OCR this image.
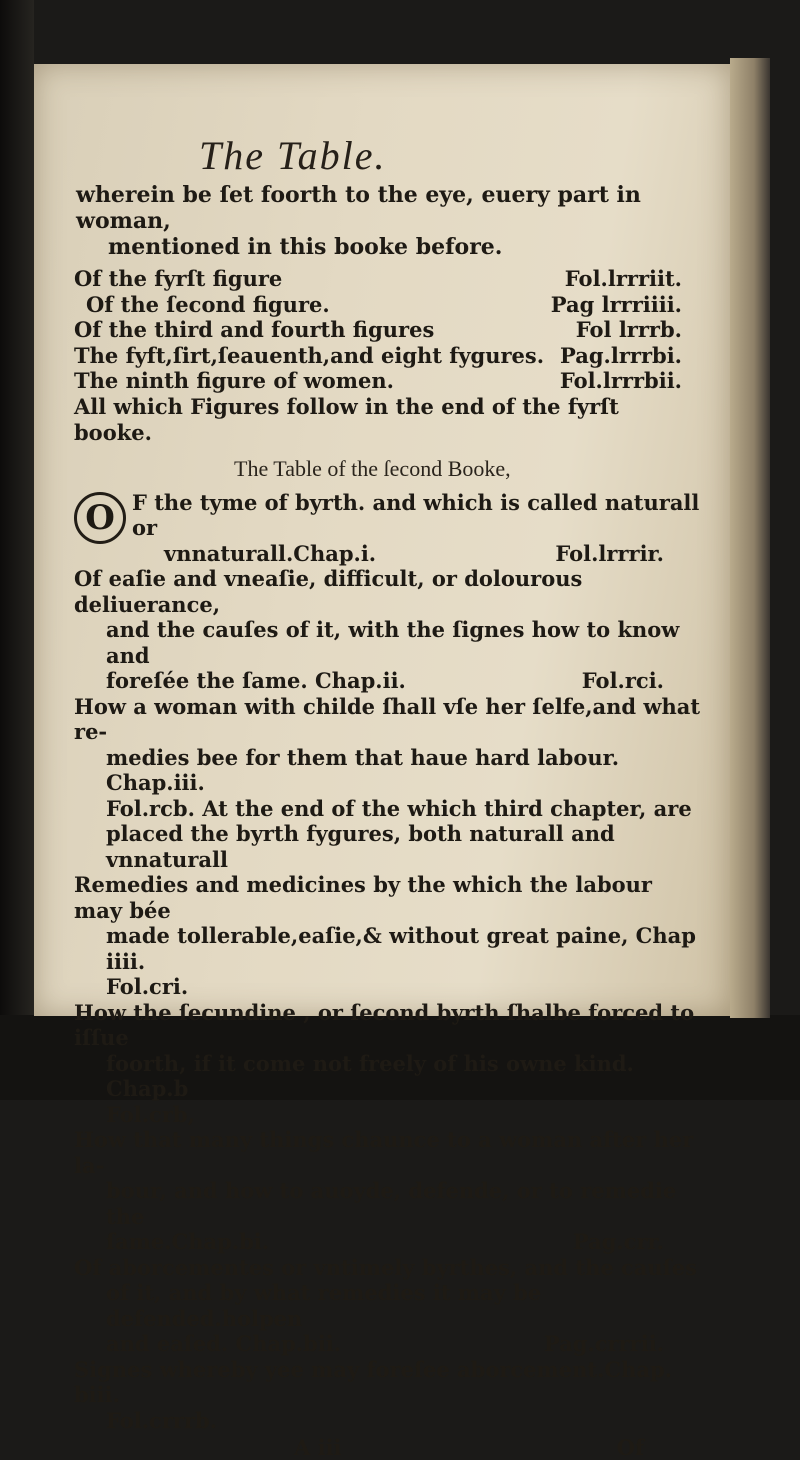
The Table.
wherein be ſet foorth to the eye, euery part in woman,
mentioned in this booke before.
Of the fyrſt figure	Fol.lrrriit.
Of the ſecond figure.	Pag lrrriiii.
Of the third and fourth figures	Fol lrrrb.
The fyft,ſirt,ſeauenth,and eight fygures. Pag.lrrrbi.
The ninth figure of women.	Fol.lrrrbii.
All which Figures follow in the end of the fyrſt booke.
The Table of the ſecond Booke,
O F the tyme of byrth. and which is called naturall or
vnnaturall.Chap.i.	Fol.lrrrir.
Of eaſie and vneaſie, difficult, or dolourous deliuerance,
and the cauſes of it, with the ſignes how to know and
foreſée the ſame. Chap.ii.	Fol.rci.
How a woman with childe ſhall vſe her ſelfe,and what re-
medies bee for them that haue hard labour. Chap.iii.
Fol.rcb. At the end of the which third chapter, are
placed the byrth fygures, both naturall and vnnaturall
Remedies and medicines by the which the labour may bée
made tollerable,eaſie,& without great paine, Chap iiii.
Fol.cri.
How the ſecundine , or ſecond byrth ſhalbe forced to iſſue
foorth, if it come not freely of his owne kind. Chap.b
Fol.crb,
How that many things chaunce to a woman after her la-
bour, and how to auoyde, defende, or to remedie the
ſame.Chap.bi.	Pag.crr.
Of aborcementes or vntimely byrthes, and the cauſes
of it, and by what remedies it may be defended.holpen
and eaſed. Chap.bii.	Pag.crrrii.
Signes whereby yee may foreſee aborcement.Chap. biii.
Fol.crrrb.
A iii	Of
